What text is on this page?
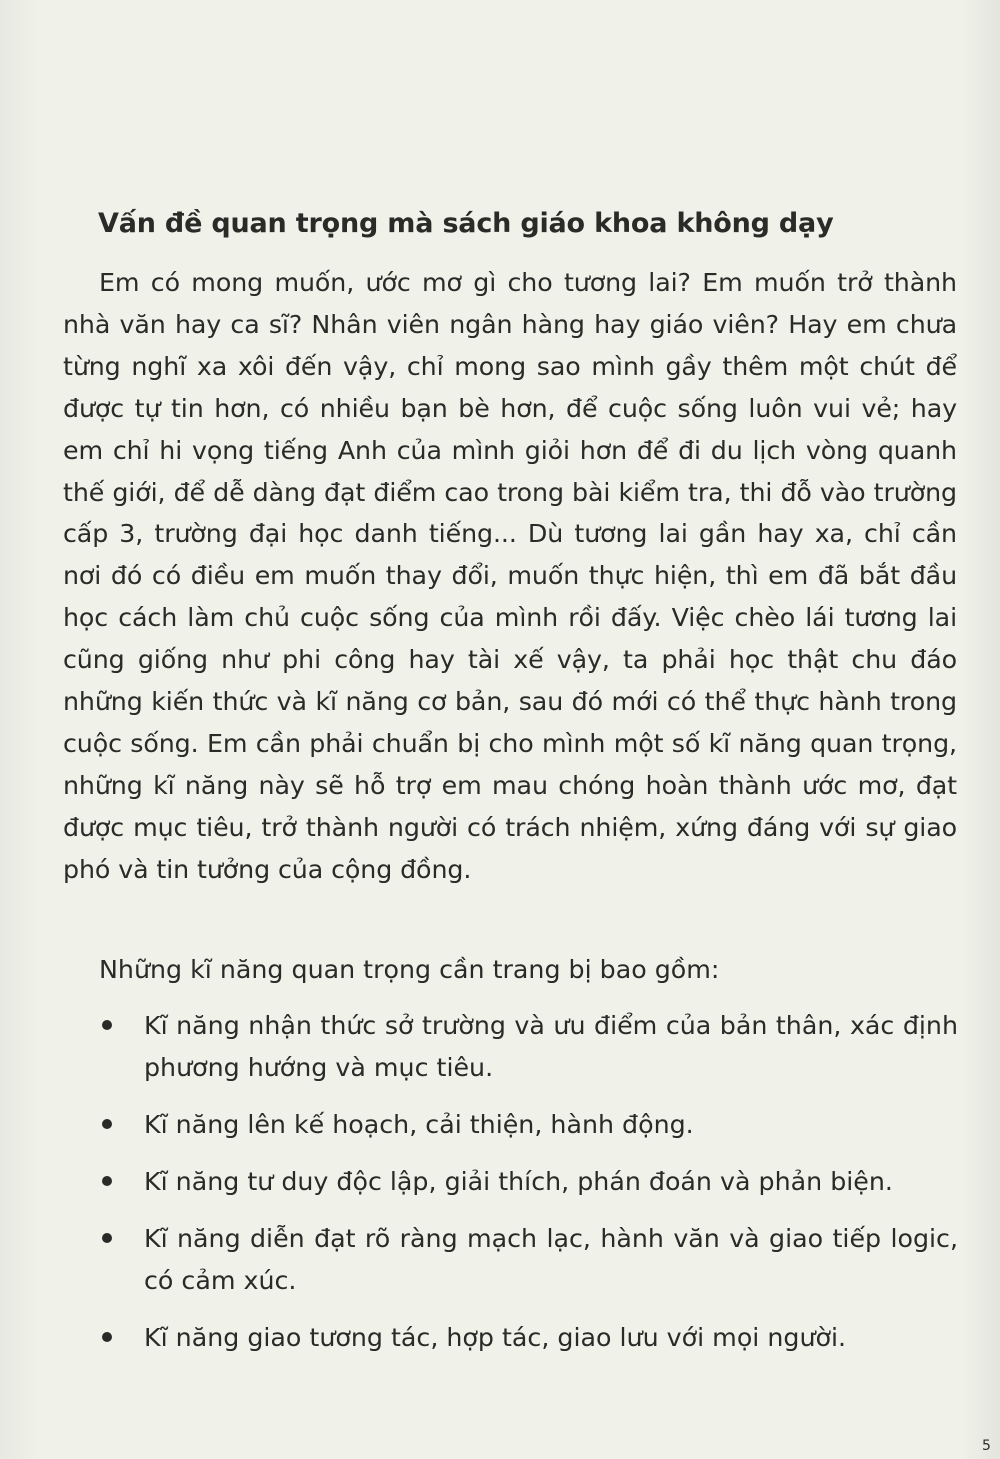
Vấn đề quan trọng mà sách giáo khoa không dạy

Em có mong muốn, ước mơ gì cho tương lai? Em muốn trở thành nhà văn hay ca sĩ? Nhân viên ngân hàng hay giáo viên? Hay em chưa từng nghĩ xa xôi đến vậy, chỉ mong sao mình gầy thêm một chút để được tự tin hơn, có nhiều bạn bè hơn, để cuộc sống luôn vui vẻ; hay em chỉ hi vọng tiếng Anh của mình giỏi hơn để đi du lịch vòng quanh thế giới, để dễ dàng đạt điểm cao trong bài kiểm tra, thi đỗ vào trường cấp 3, trường đại học danh tiếng... Dù tương lai gần hay xa, chỉ cần nơi đó có điều em muốn thay đổi, muốn thực hiện, thì em đã bắt đầu học cách làm chủ cuộc sống của mình rồi đấy. Việc chèo lái tương lai cũng giống như phi công hay tài xế vậy, ta phải học thật chu đáo những kiến thức và kĩ năng cơ bản, sau đó mới có thể thực hành trong cuộc sống. Em cần phải chuẩn bị cho mình một số kĩ năng quan trọng, những kĩ năng này sẽ hỗ trợ em mau chóng hoàn thành ước mơ, đạt được mục tiêu, trở thành người có trách nhiệm, xứng đáng với sự giao phó và tin tưởng của cộng đồng.

Những kĩ năng quan trọng cần trang bị bao gồm:

Kĩ năng nhận thức sở trường và ưu điểm của bản thân, xác định phương hướng và mục tiêu.
Kĩ năng lên kế hoạch, cải thiện, hành động.
Kĩ năng tư duy độc lập, giải thích, phán đoán và phản biện.
Kĩ năng diễn đạt rõ ràng mạch lạc, hành văn và giao tiếp logic, có cảm xúc.
Kĩ năng giao tương tác, hợp tác, giao lưu với mọi người.
5
